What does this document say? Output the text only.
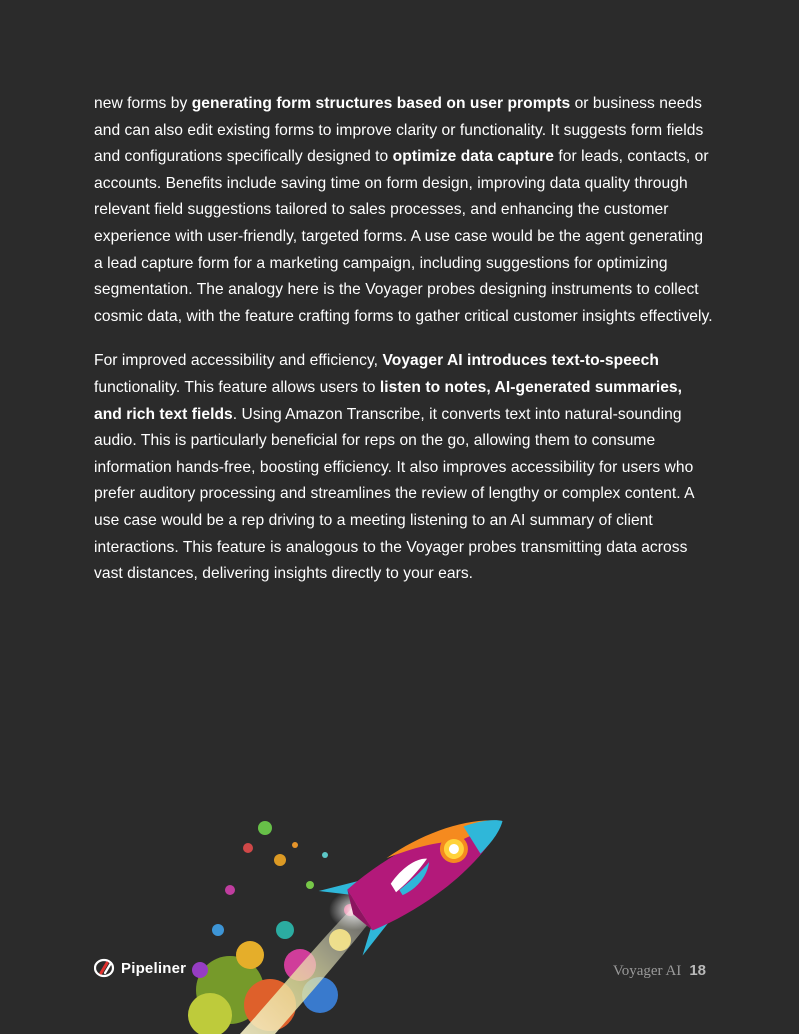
new forms by generating form structures based on user prompts or business needs and can also edit existing forms to improve clarity or functionality. It suggests form fields and configurations specifically designed to optimize data capture for leads, contacts, or accounts. Benefits include saving time on form design, improving data quality through relevant field suggestions tailored to sales processes, and enhancing the customer experience with user-friendly, targeted forms. A use case would be the agent generating a lead capture form for a marketing campaign, including suggestions for optimizing segmentation. The analogy here is the Voyager probes designing instruments to collect cosmic data, with the feature crafting forms to gather critical customer insights effectively.

For improved accessibility and efficiency, Voyager AI introduces text-to-speech functionality. This feature allows users to listen to notes, AI-generated summaries, and rich text fields. Using Amazon Transcribe, it converts text into natural-sounding audio. This is particularly beneficial for reps on the go, allowing them to consume information hands-free, boosting efficiency. It also improves accessibility for users who prefer auditory processing and streamlines the review of lengthy or complex content. A use case would be a rep driving to a meeting listening to an AI summary of client interactions. This feature is analogous to the Voyager probes transmitting data across vast distances, delivering insights directly to your ears.

Pipeliner	Voyager AI 18
